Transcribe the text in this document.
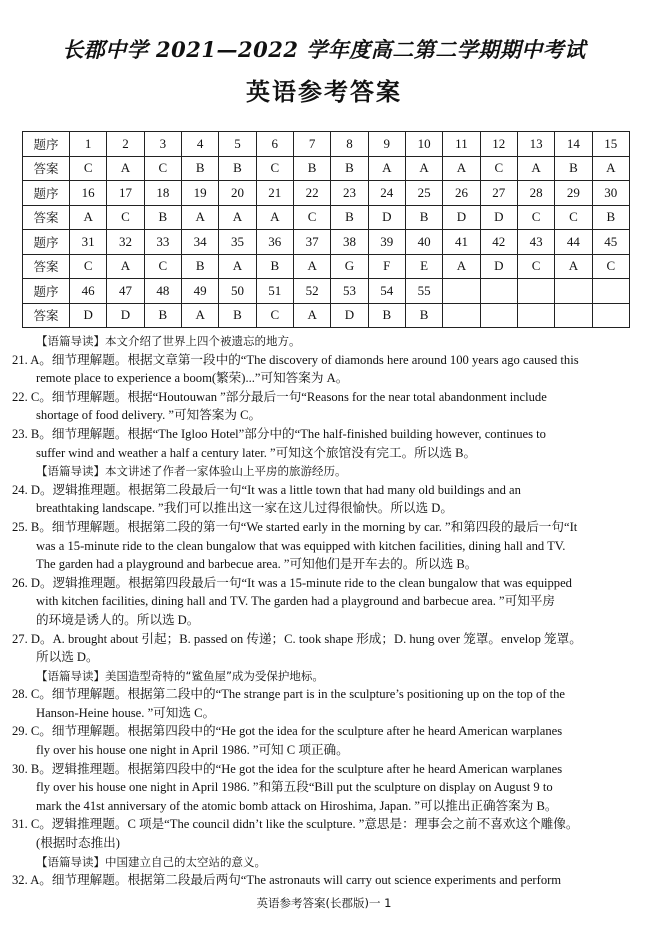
长郡中学 2021—2022 学年度高二第二学期期中考试
英语参考答案
题序	1	2	3	4	5	6	7	8	9	10	11	12	13	14	15
答案	C	A	C	B	B	C	B	B	A	A	A	C	A	B	A
题序	16	17	18	19	20	21	22	23	24	25	26	27	28	29	30
答案	A	C	B	A	A	A	C	B	D	B	D	D	C	C	B
题序	31	32	33	34	35	36	37	38	39	40	41	42	43	44	45
答案	C	A	C	B	A	B	A	G	F	E	A	D	C	A	C
题序	46	47	48	49	50	51	52	53	54	55					
答案	D	D	B	A	B	C	A	D	B	B					
【语篇导读】本文介绍了世界上四个被遗忘的地方。
21. A。细节理解题。根据文章第一段中的“The discovery of diamonds here around 100 years ago caused this
remote place to experience a boom(繁荣)...”可知答案为 A。
22. C。细节理解题。根据“Houtouwan ”部分最后一句“Reasons for the near total abandonment include
shortage of food delivery. ”可知答案为 C。
23. B。细节理解题。根据“The Igloo Hotel”部分中的“The half-finished building however, continues to
suffer wind and weather a half a century later. ”可知这个旅馆没有完工。所以选 B。
【语篇导读】本文讲述了作者一家体验山上平房的旅游经历。
24. D。逻辑推理题。根据第二段最后一句“It was a little town that had many old buildings and an
breathtaking landscape. ”我们可以推出这一家在这儿过得很愉快。所以选 D。
25. B。细节理解题。根据第二段的第一句“We started early in the morning by car. ”和第四段的最后一句“It
was a 15-minute ride to the clean bungalow that was equipped with kitchen facilities, dining hall and TV.
The garden had a playground and barbecue area. ”可知他们是开车去的。所以选 B。
26. D。逻辑推理题。根据第四段最后一句“It was a 15-minute ride to the clean bungalow that was equipped
with kitchen facilities, dining hall and TV. The garden had a playground and barbecue area. ”可知平房
的环境是诱人的。所以选 D。
27. D。A. brought about 引起；B. passed on 传递；C. took shape 形成；D. hung over 笼罩。envelop 笼罩。
所以选 D。
【语篇导读】美国造型奇特的“鲨鱼屋”成为受保护地标。
28. C。细节理解题。根据第二段中的“The strange part is in the sculpture’s positioning up on the top of the
Hanson-Heine house. ”可知选 C。
29. C。细节理解题。根据第四段中的“He got the idea for the sculpture after he heard American warplanes
fly over his house one night in April 1986. ”可知 C 项正确。
30. B。逻辑推理题。根据第四段中的“He got the idea for the sculpture after he heard American warplanes
fly over his house one night in April 1986. ”和第五段“Bill put the sculpture on display on August 9 to
mark the 41st anniversary of the atomic bomb attack on Hiroshima, Japan. ”可以推出正确答案为 B。
31. C。逻辑推理题。C 项是“The council didn’t like the sculpture. ”意思是：理事会之前不喜欢这个雕像。
(根据时态推出)
【语篇导读】中国建立自己的太空站的意义。
32. A。细节理解题。根据第二段最后两句“The astronauts will carry out science experiments and perform
英语参考答案(长郡版)一 1
